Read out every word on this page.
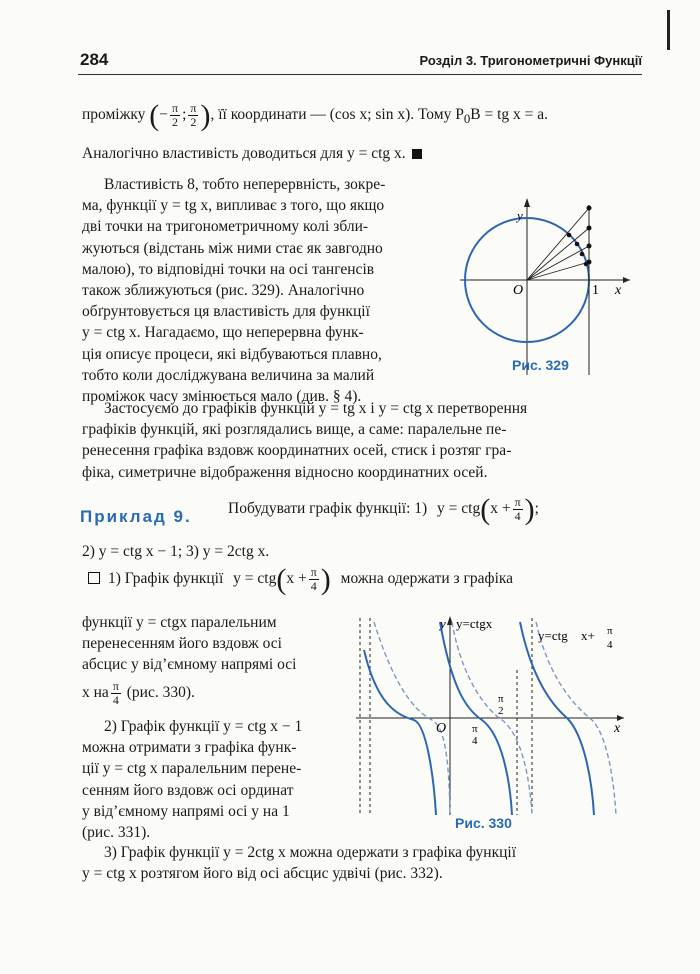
284	Розділ 3. Тригонометричні Функції
проміжку (− $\frac{\pi}{2}$ ; $\frac{\pi}{2}$ ), її координати — (cos x; sin x). Тому $P_0B$ = tg x = a.
Аналогічно властивість доводиться для y = ctg x.
Властивість 8, тобто неперервність, зокре-
ма, функції y = tg x, випливає з того, що якщо
дві точки на тригонометричному колі збли-
жуються (відстань між ними стає як завгодно
малою), то відповідні точки на осі тангенсів
також зближуються (рис. 329). Аналогічно
обґрунтовується ця властивість для функції
y = ctg x. Нагадаємо, що неперервна функ-
ція описує процеси, які відбуваються плавно,
тобто коли досліджувана величина за малий
проміжок часу змінюється мало (див. § 4).
y
O	1 x
Рис. 329
Застосуємо до графіків функцій y = tg x і y = ctg x перетворення
графіків функцій, які розглядались вище, а саме: паралельне пе-
ренесення графіка вздовж координатних осей, стиск і розтяг гра-
фіка, симетричне відображення відносно координатних осей.
Приклад 9. Побудувати графік функції: 1) $y = ctg(x + \frac{\pi}{4}$ );
2) y = ctg x − 1; 3) y = 2ctg x.
1) Графік функції $y = ctg(x + \frac{\pi}{4}$ ) можна одержати з графіка
функції y = ctgx паралельним
перенесенням його вздовж осі
абсцис у від’ємному напрямі осі
x на $\frac{\pi}{4} (рис$. 330).
2) Графік функції y = ctg x − 1
можна отримати з графіка функ-
ції y = ctg x паралельним перене-
сенням його вздовж осі ординат
у від’ємному напрямі осі y на 1
(рис. 331).
y y=ctgx
y=ctg x+ π
4
π
2
O π
4
x
Рис. 330
3) Графік функції y = 2ctg x можна одержати з графіка функції
y = ctg x розтягом його від осі абсцис удвічі (рис. 332).
